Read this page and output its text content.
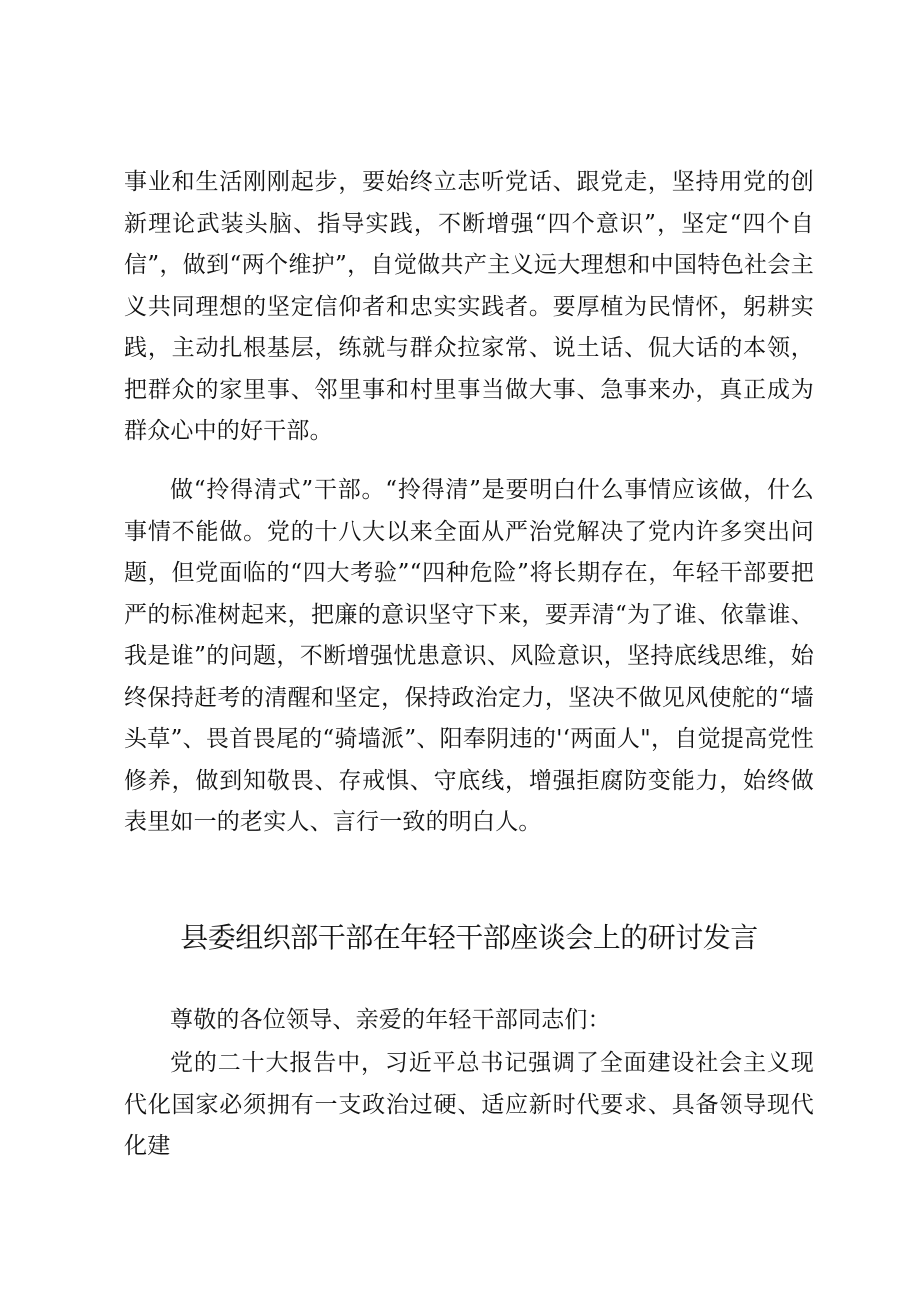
事业和生活刚刚起步，要始终立志听党话、跟党走，坚持用党的创新理论武装头脑、指导实践，不断增强“四个意识”，坚定“四个自信”，做到“两个维护”，自觉做共产主义远大理想和中国特色社会主义共同理想的坚定信仰者和忠实实践者。要厚植为民情怀，躬耕实践，主动扎根基层，练就与群众拉家常、说土话、侃大话的本领，把群众的家里事、邻里事和村里事当做大事、急事来办，真正成为群众心中的好干部。
做“拎得清式”干部。“拎得清”是要明白什么事情应该做，什么事情不能做。党的十八大以来全面从严治党解决了党内许多突出问题，但党面临的“四大考验”“四种危险”将长期存在，年轻干部要把严的标准树起来，把廉的意识坚守下来，要弄清“为了谁、依靠谁、我是谁”的问题，不断增强忧患意识、风险意识，坚持底线思维，始终保持赶考的清醒和坚定，保持政治定力，坚决不做见风使舵的“墙头草”、畏首畏尾的“骑墙派”、阳奉阴违的'‘两面人"，自觉提高党性修养，做到知敬畏、存戒惧、守底线，增强拒腐防变能力，始终做表里如一的老实人、言行一致的明白人。
县委组织部干部在年轻干部座谈会上的研讨发言
尊敬的各位领导、亲爱的年轻干部同志们：
党的二十大报告中，习近平总书记强调了全面建设社会主义现代化国家必须拥有一支政治过硬、适应新时代要求、具备领导现代化建
